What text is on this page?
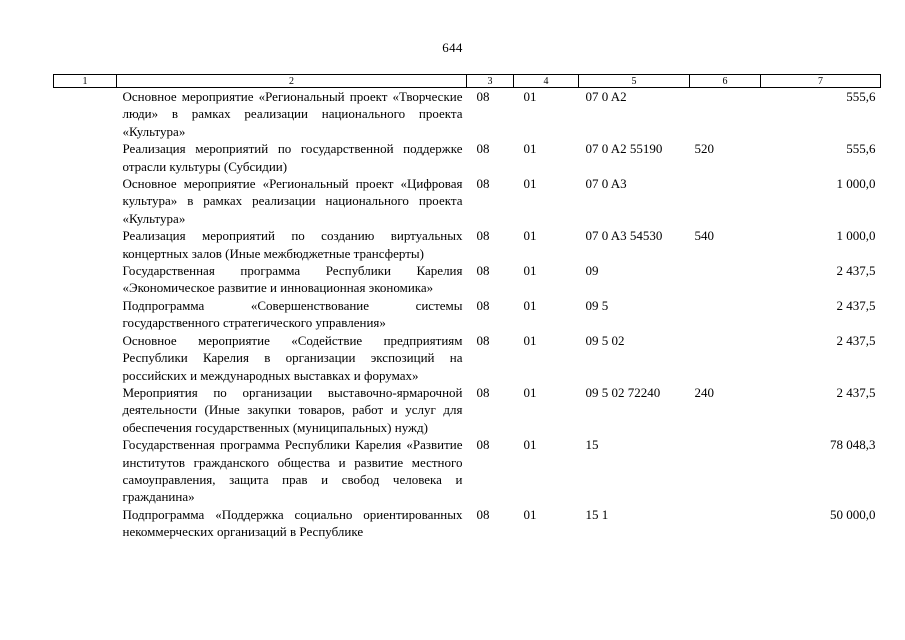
644
1	2	3	4	5	6	7
	Основное мероприятие «Региональный проект «Творческие люди» в рамках реализации национального проекта «Культура»	08	01	07 0 A2		555,6
	Реализация мероприятий по государственной поддержке отрасли культуры (Субсидии)	08	01	07 0 A2 55190	520	555,6
	Основное мероприятие «Региональный проект «Цифровая культура» в рамках реализации национального проекта «Культура»	08	01	07 0 A3		1 000,0
	Реализация мероприятий по созданию виртуальных концертных залов (Иные межбюджетные трансферты)	08	01	07 0 A3 54530	540	1 000,0
	Государственная программа Республики Карелия «Экономическое развитие и инновационная экономика»	08	01	09		2 437,5
	Подпрограмма «Совершенствование системы государственного стратегического управления»	08	01	09 5		2 437,5
	Основное мероприятие «Содействие предприятиям Республики Карелия в организации экспозиций на российских и международных выставках и форумах»	08	01	09 5 02		2 437,5
	Мероприятия по организации выставочно-ярмарочной деятельности (Иные закупки товаров, работ и услуг для обеспечения государственных (муниципальных) нужд)	08	01	09 5 02 72240	240	2 437,5
	Государственная программа Республики Карелия «Развитие институтов гражданского общества и развитие местного самоуправления, защита прав и свобод человека и гражданина»	08	01	15		78 048,3
	Подпрограмма «Поддержка социально ориентированных некоммерческих организаций в Республике	08	01	15 1		50 000,0
